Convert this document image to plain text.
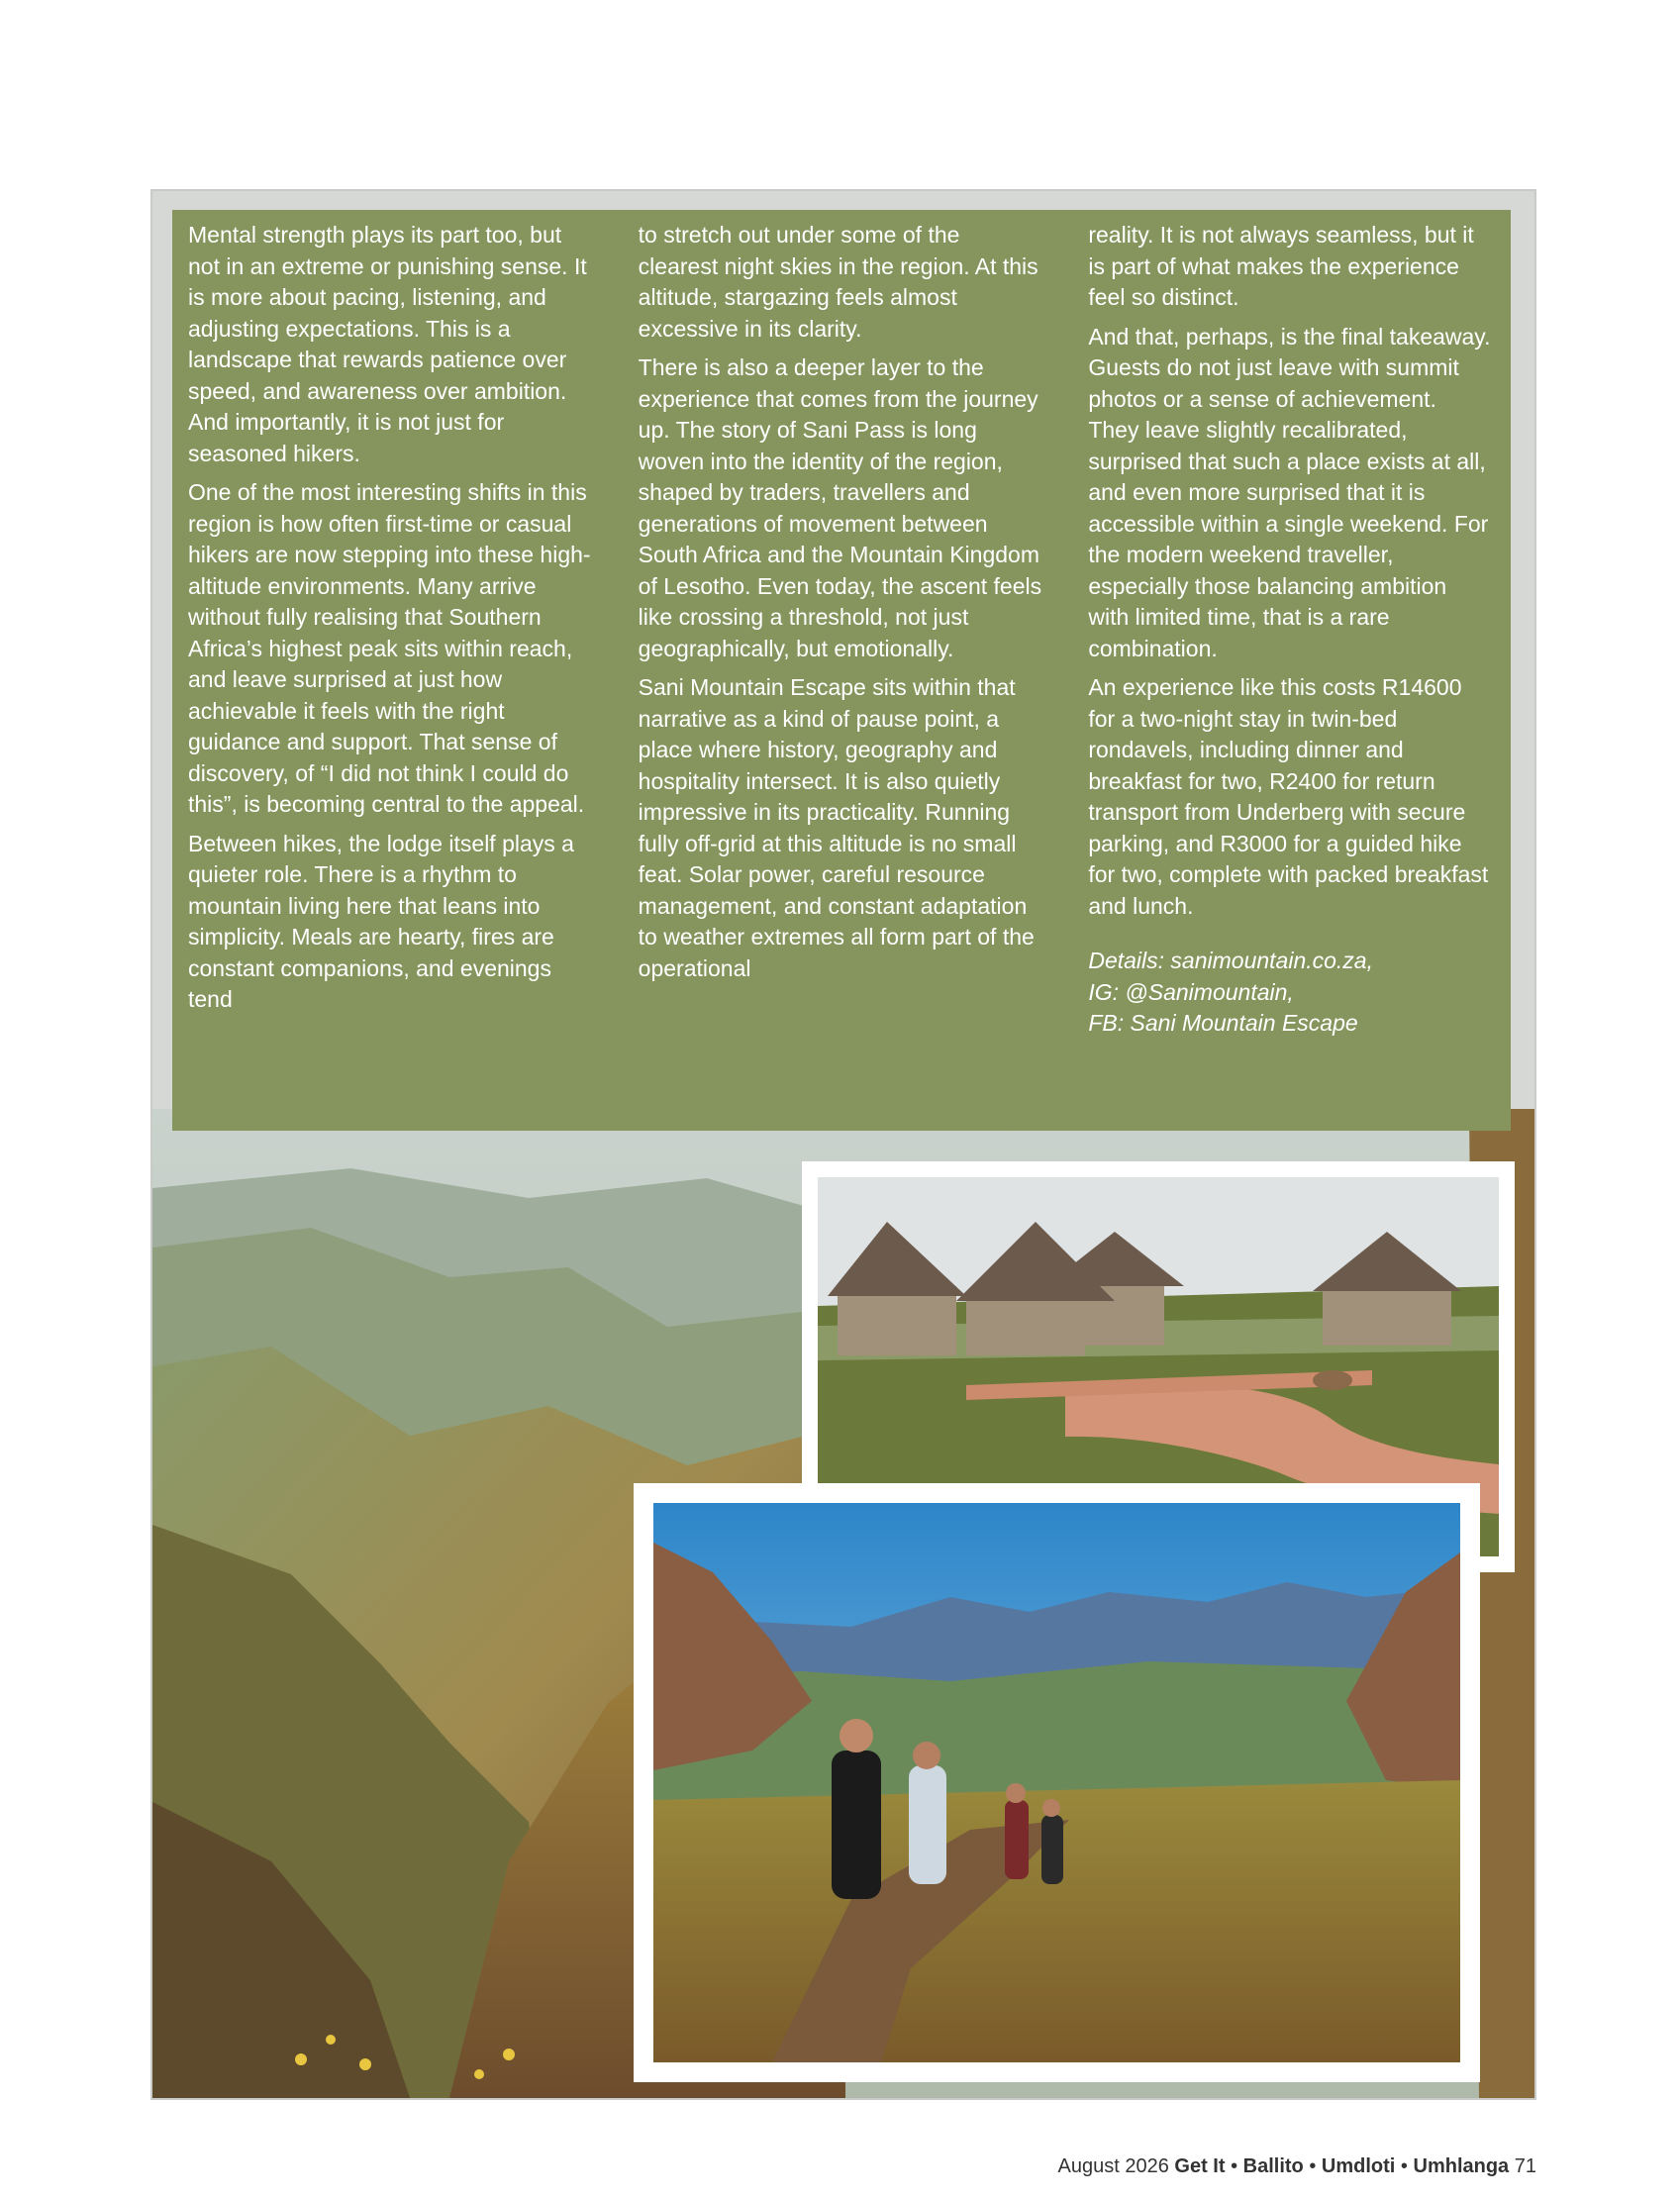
Mental strength plays its part too, but not in an extreme or punishing sense. It is more about pacing, listening, and adjusting expectations. This is a landscape that rewards patience over speed, and awareness over ambition. And importantly, it is not just for seasoned hikers.

One of the most interesting shifts in this region is how often first-time or casual hikers are now stepping into these high-altitude environments. Many arrive without fully realising that Southern Africa’s highest peak sits within reach, and leave surprised at just how achievable it feels with the right guidance and support. That sense of discovery, of “I did not think I could do this”, is becoming central to the appeal.

Between hikes, the lodge itself plays a quieter role. There is a rhythm to mountain living here that leans into simplicity. Meals are hearty, fires are constant companions, and evenings tend

to stretch out under some of the clearest night skies in the region. At this altitude, stargazing feels almost excessive in its clarity.

There is also a deeper layer to the experience that comes from the journey up. The story of Sani Pass is long woven into the identity of the region, shaped by traders, travellers and generations of movement between South Africa and the Mountain Kingdom of Lesotho. Even today, the ascent feels like crossing a threshold, not just geographically, but emotionally.

Sani Mountain Escape sits within that narrative as a kind of pause point, a place where history, geography and hospitality intersect. It is also quietly impressive in its practicality. Running fully off-grid at this altitude is no small feat. Solar power, careful resource management, and constant adaptation to weather extremes all form part of the operational

reality. It is not always seamless, but it is part of what makes the experience feel so distinct.

And that, perhaps, is the final takeaway. Guests do not just leave with summit photos or a sense of achievement. They leave slightly recalibrated, surprised that such a place exists at all, and even more surprised that it is accessible within a single weekend. For the modern weekend traveller, especially those balancing ambition with limited time, that is a rare combination.

An experience like this costs R14600 for a two-night stay in twin-bed rondavels, including dinner and breakfast for two, R2400 for return transport from Underberg with secure parking, and R3000 for a guided hike for two, complete with packed breakfast and lunch.

Details: sanimountain.co.za,
IG: @Sanimountain,
FB: Sani Mountain Escape

August 2026 Get It • Ballito • Umdloti • Umhlanga 71
